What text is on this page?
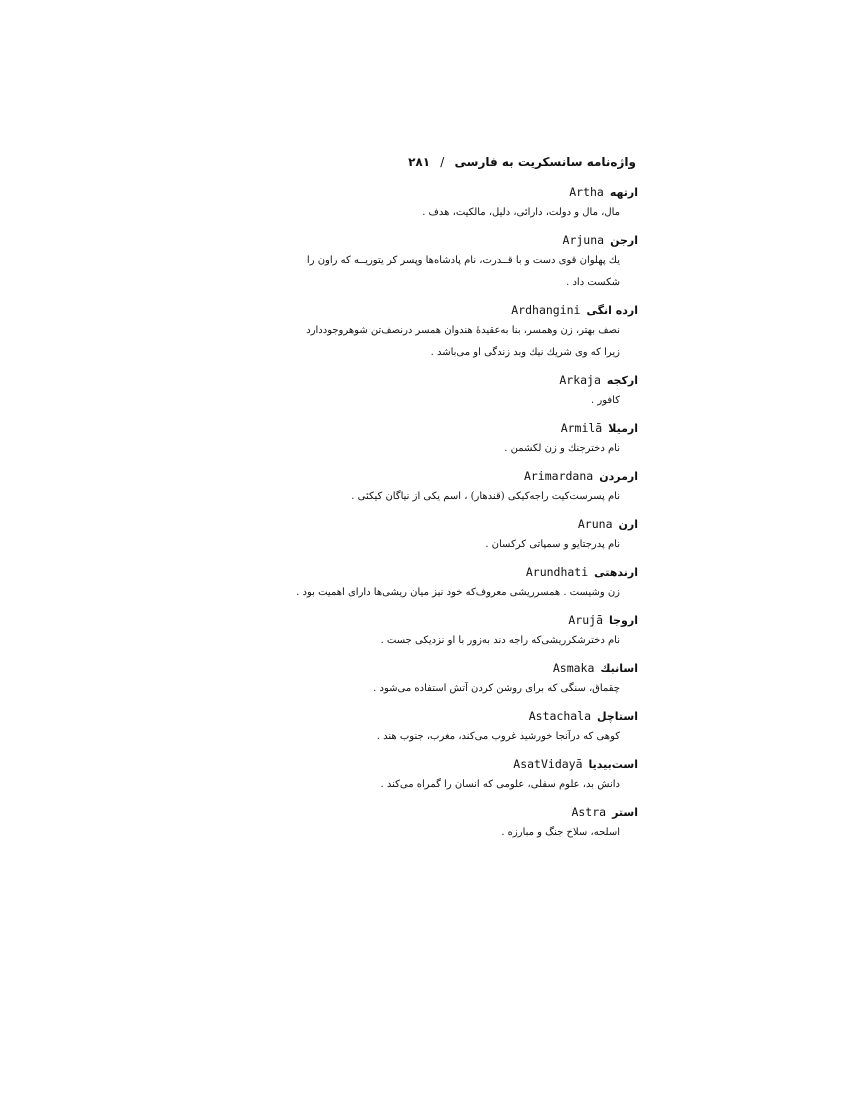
واژه‌نامه سانسکریت به فارسی / ۲۸۱
ارتههArtha
مال، مال و دولت، دارائی، دلیل، مالکیت، هدف .
ارجنArjuna
یك پهلوان قوی دست و با قــدرت، نام پادشاه‌ها وپسر کر یتوریــه که راون را
شکست داد .
ارده انگیArdhangini
نصف بهتر، زن وهمسر، بنا به‌عقیدهٔ هندوان همسر درنصف‌تن شوهروجوددارد
زیرا که وی شریك نیك وبد زندگی او می‌باشد .
ارکجهArkaja
کافور .
ارمیلاArmilā
نام دخترجنك و زن لکشمن .
ارمردنArimardana
نام پسرست‌کیت راجه‌کیکی (قندهار) ، اسم یکی از نیاگان کیکئی .
ارنAruna
نام پدرجتایو و سمپاتی کرکسان .
ارندهتیArundhati
زن وشیست . همسرریشی معروف‌که خود نیز میان ریشی‌ها دارای اهمیت بود .
اروجاArujā
نام دخترشکرریشی‌که راجه دند به‌زور با او نزدیکی جست .
اسانبكAsmaka
چقماق، سنگی که برای روشن کردن آتش استفاده می‌شود .
استاچلAstachala
کوهی که درآنجا خورشید غروب می‌کند، مغرب، جنوب هند .
است‌بیدیاAsatVidayā
دانش بد، علوم سفلی، علومی که انسان را گمراه می‌کند .
استرAstra
اسلحه، سلاح جنگ و مبارزه .
